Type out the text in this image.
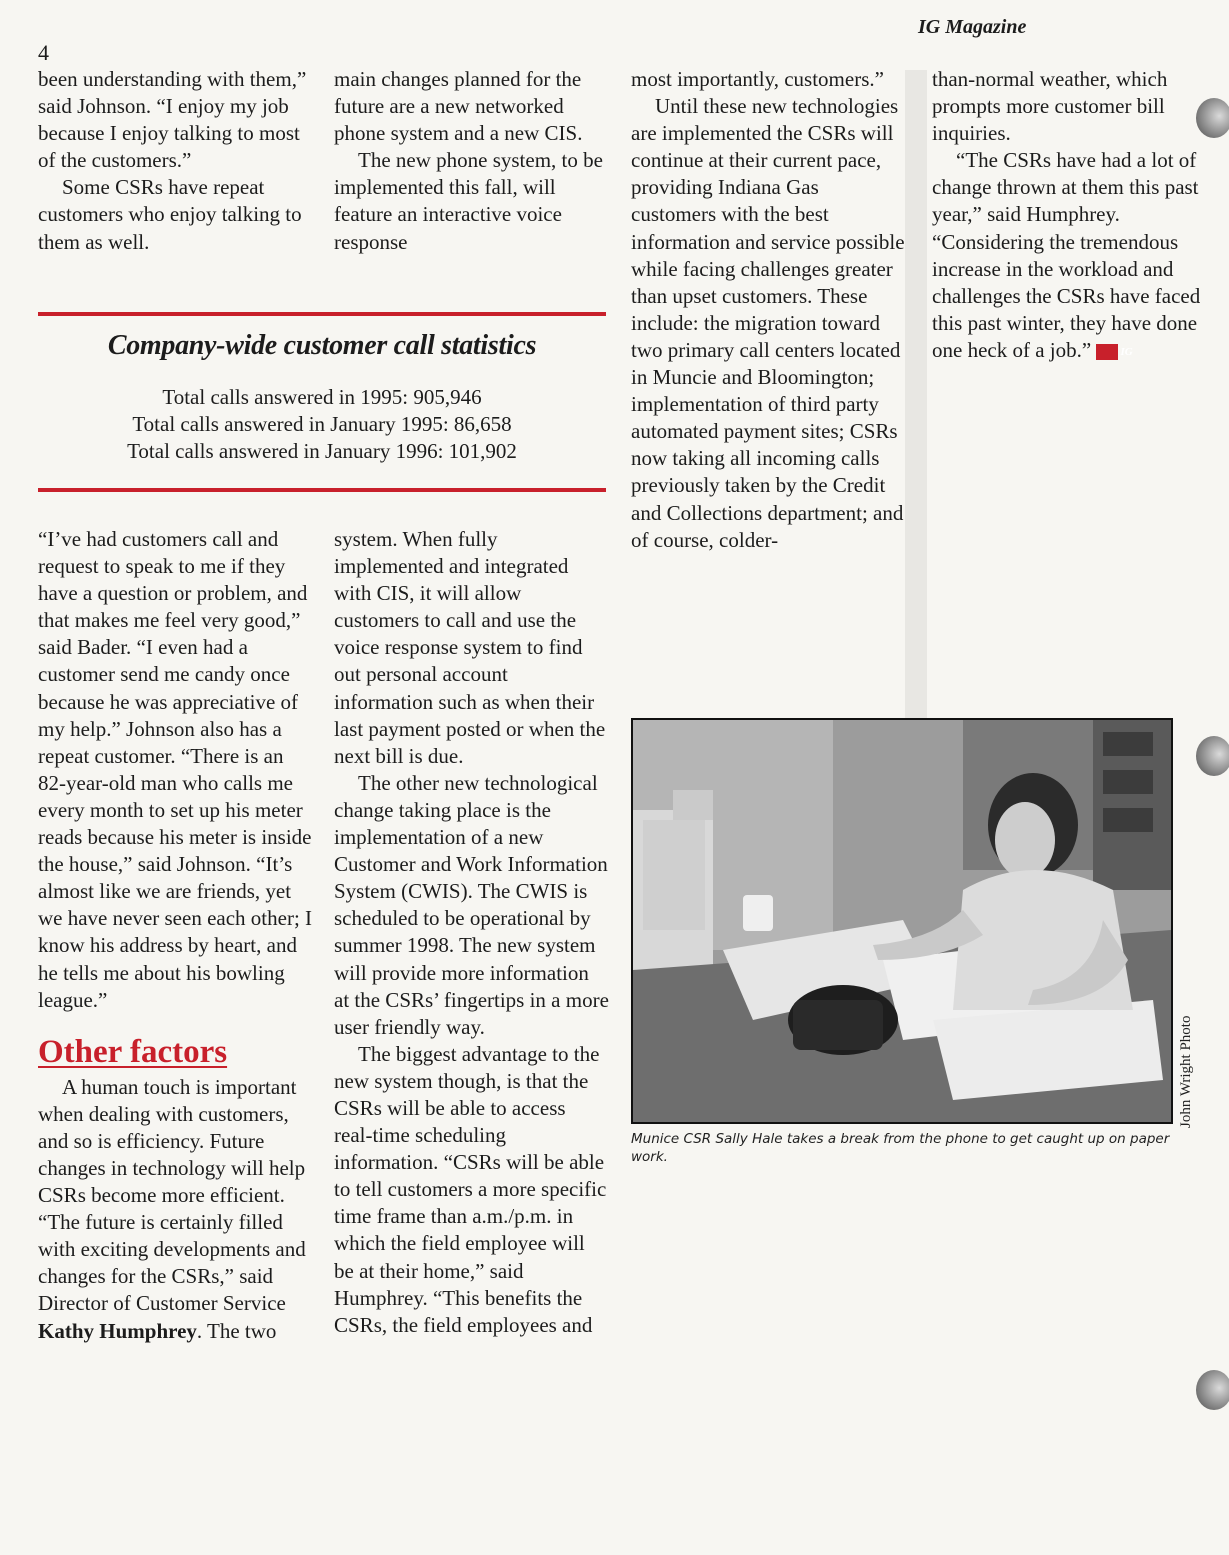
4
IG Magazine

been understanding with them,” said Johnson. “I enjoy my job because I enjoy talking to most of the customers.”

Some CSRs have repeat customers who enjoy talking to them as well.

main changes planned for the future are a new networked phone system and a new CIS.

The new phone system, to be implemented this fall, will feature an interactive voice response

Company-wide customer call statistics
Total calls answered in 1995: 905,946
Total calls answered in January 1995: 86,658
Total calls answered in January 1996: 101,902

“I’ve had customers call and request to speak to me if they have a question or problem, and that makes me feel very good,” said Bader. “I even had a customer send me candy once because he was appreciative of my help.” Johnson also has a repeat customer. “There is an 82-year-old man who calls me every month to set up his meter reads because his meter is inside the house,” said Johnson. “It’s almost like we are friends, yet we have never seen each other; I know his address by heart, and he tells me about his bowling league.”

Other factors

A human touch is important when dealing with customers, and so is efficiency. Future changes in technology will help CSRs become more efficient. “The future is certainly filled with exciting developments and changes for the CSRs,” said Director of Customer Service Kathy Humphrey. The two

system. When fully implemented and integrated with CIS, it will allow customers to call and use the voice response system to find out personal account information such as when their last payment posted or when the next bill is due.

The other new technological change taking place is the implementation of a new Customer and Work Information System (CWIS). The CWIS is scheduled to be operational by summer 1998. The new system will provide more information at the CSRs’ fingertips in a more user friendly way.

The biggest advantage to the new system though, is that the CSRs will be able to access real-time scheduling information. “CSRs will be able to tell customers a more specific time frame than a.m./p.m. in which the field employee will be at their home,” said Humphrey. “This benefits the CSRs, the field employees and

most importantly, customers.”

Until these new technologies are implemented the CSRs will continue at their current pace, providing Indiana Gas customers with the best information and service possible while facing challenges greater than upset customers. These include: the migration toward two primary call centers located in Muncie and Bloomington; implementation of third party automated payment sites; CSRs now taking all incoming calls previously taken by the Credit and Collections department; and of course, colder-

than-normal weather, which prompts more customer bill inquiries.

“The CSRs have had a lot of change thrown at them this past year,” said Humphrey. “Considering the tremendous increase in the workload and challenges the CSRs have faced this past winter, they have done one heck of a job.”	IG

John Wright Photo
Munice CSR Sally Hale takes a break from the phone to get caught up on paper work.
